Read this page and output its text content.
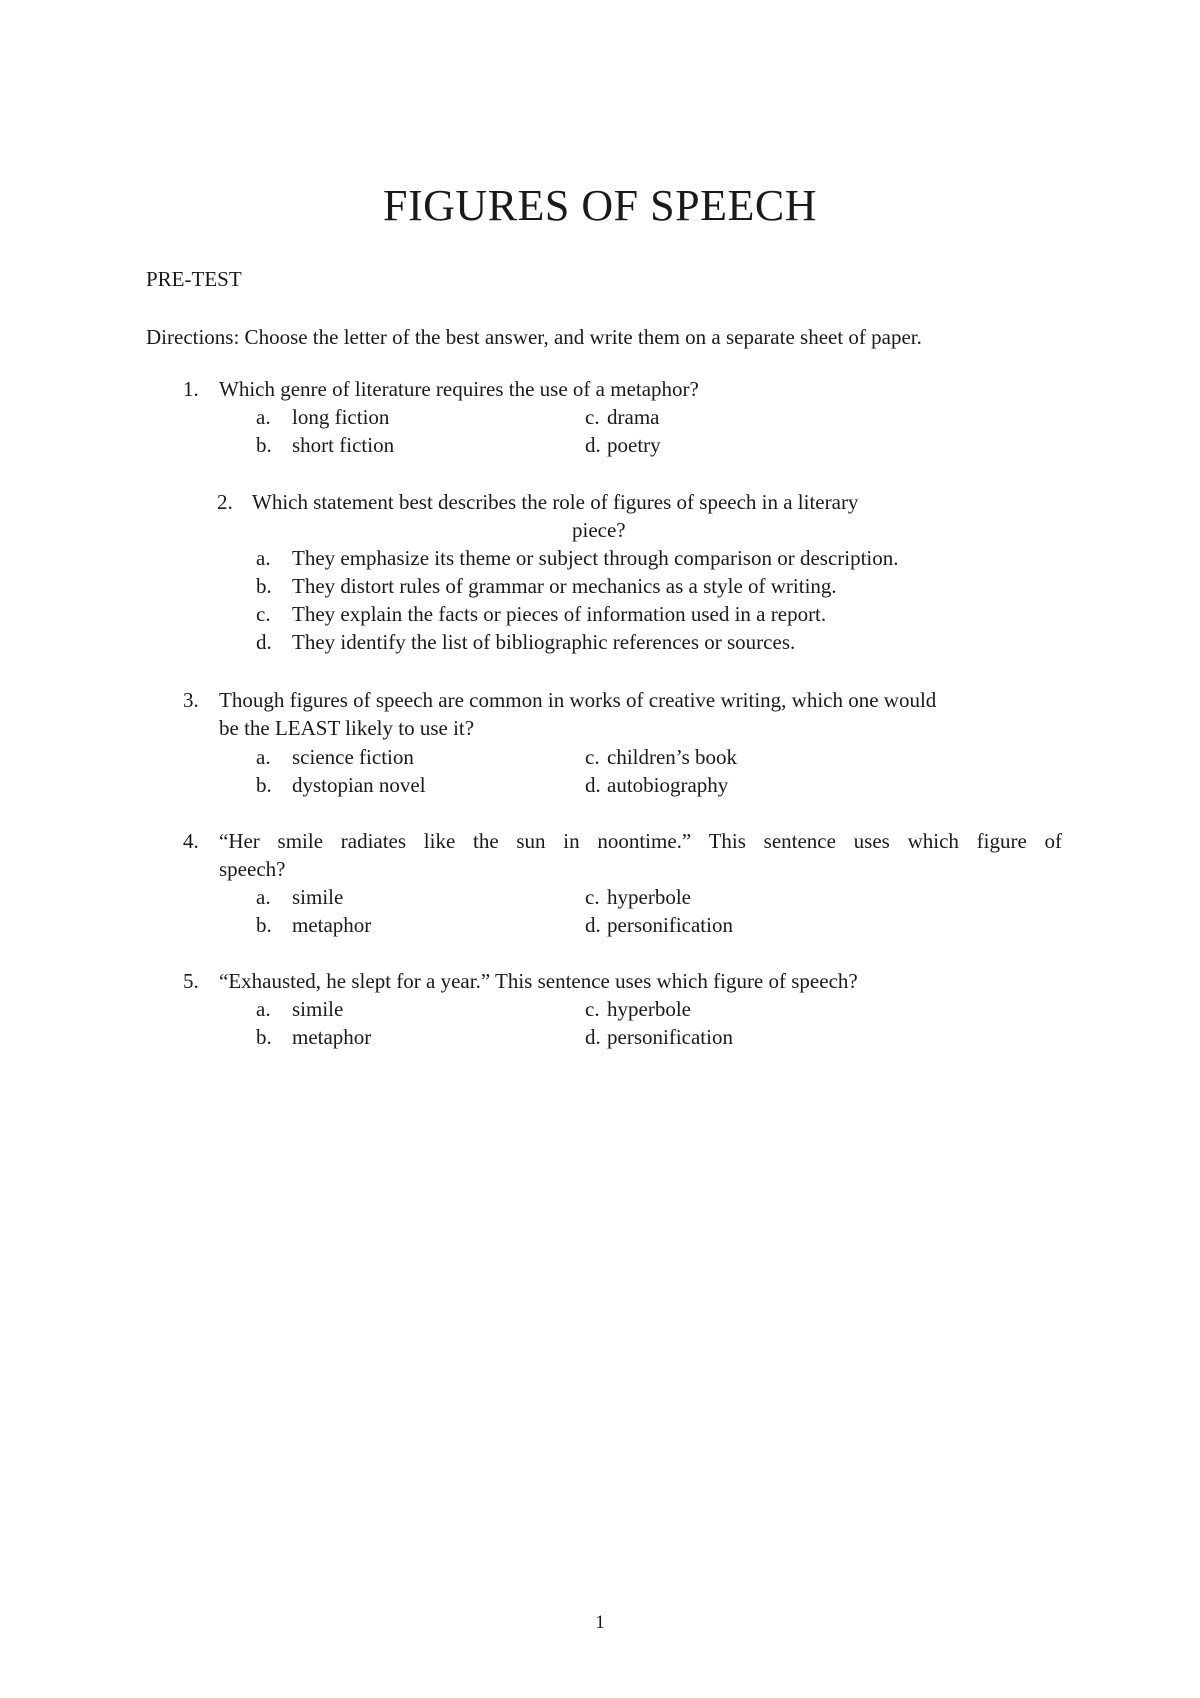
FIGURES OF SPEECH
PRE-TEST
Directions: Choose the letter of the best answer, and write them on a separate sheet of paper.
1. Which genre of literature requires the use of a metaphor?
a. long fiction	c. drama
b. short fiction	d. poetry
2. Which statement best describes the role of figures of speech in a literary
piece?
a. They emphasize its theme or subject through comparison or description.
b. They distort rules of grammar or mechanics as a style of writing.
c. They explain the facts or pieces of information used in a report.
d. They identify the list of bibliographic references or sources.
3. Though figures of speech are common in works of creative writing, which one would
be the LEAST likely to use it?
a. science fiction	c. children’s book
b. dystopian novel	d. autobiography
4. “Her smile radiates like the sun in noontime.” This sentence uses which figure of
speech?
a. simile	c. hyperbole
b. metaphor	d. personification
5. “Exhausted, he slept for a year.” This sentence uses which figure of speech?
a. simile	c. hyperbole
b. metaphor	d. personification
1
